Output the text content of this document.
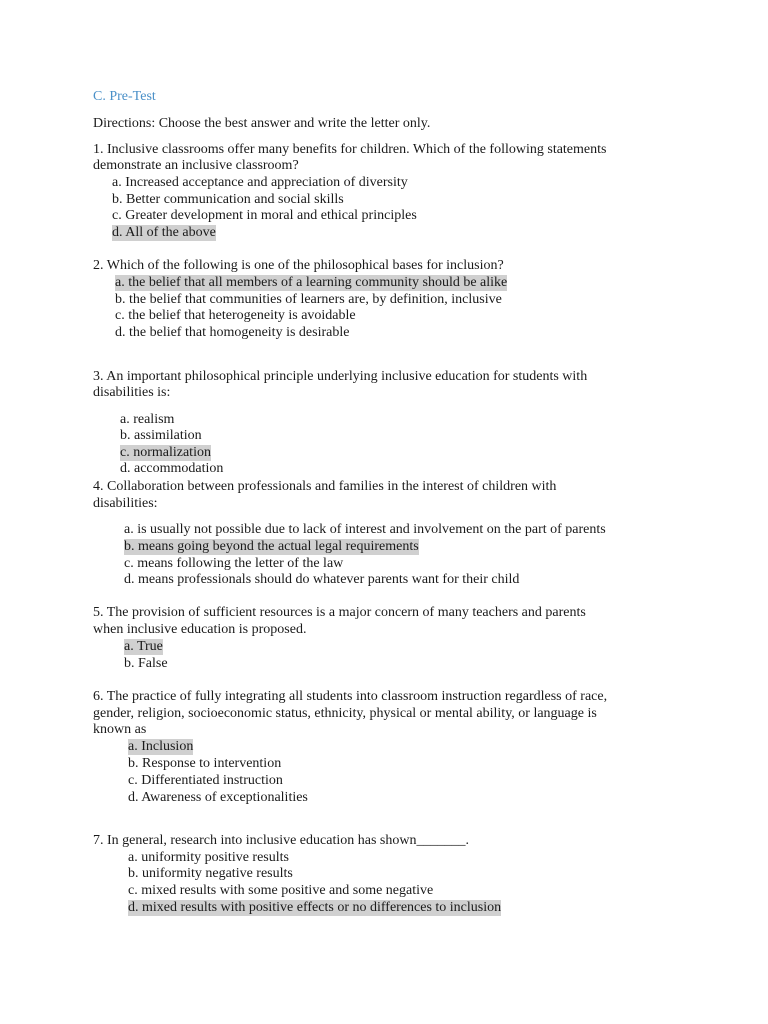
C. Pre-Test
Directions: Choose the best answer and write the letter only.
1. Inclusive classrooms offer many benefits for children. Which of the following statements
demonstrate an inclusive classroom?
a. Increased acceptance and appreciation of diversity
b. Better communication and social skills
c. Greater development in moral and ethical principles
d. All of the above
2. Which of the following is one of the philosophical bases for inclusion?
a. the belief that all members of a learning community should be alike
b. the belief that communities of learners are, by definition, inclusive
c. the belief that heterogeneity is avoidable
d. the belief that homogeneity is desirable
3. An important philosophical principle underlying inclusive education for students with
disabilities is:
a. realism
b. assimilation
c. normalization
d. accommodation
4. Collaboration between professionals and families in the interest of children with
disabilities:
a. is usually not possible due to lack of interest and involvement on the part of parents
b. means going beyond the actual legal requirements
c. means following the letter of the law
d. means professionals should do whatever parents want for their child
5. The provision of sufficient resources is a major concern of many teachers and parents
when inclusive education is proposed.
a. True
b. False
6. The practice of fully integrating all students into classroom instruction regardless of race,
gender, religion, socioeconomic status, ethnicity, physical or mental ability, or language is
known as
a. Inclusion
b. Response to intervention
c. Differentiated instruction
d. Awareness of exceptionalities
7. In general, research into inclusive education has shown_______.
a. uniformity positive results
b. uniformity negative results
c. mixed results with some positive and some negative
d. mixed results with positive effects or no differences to inclusion
